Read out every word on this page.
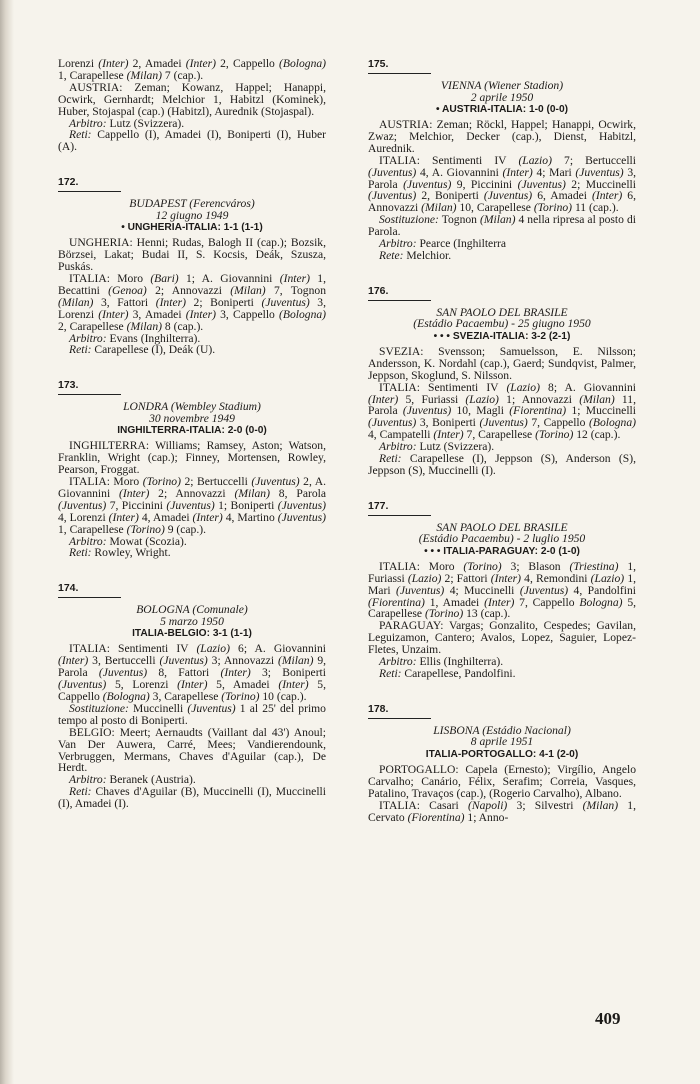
Lorenzi (Inter) 2, Amadei (Inter) 2, Cappello (Bologna) 1, Carapellese (Milan) 7 (cap.).

AUSTRIA: Zeman; Kowanz, Happel; Hanappi, Ocwirk, Gernhardt; Melchior 1, Habitzl (Kominek), Huber, Stojaspal (cap.) (Habitzl), Aurednik (Stojaspal).

Arbitro: Lutz (Svizzera).

Reti: Cappello (I), Amadei (I), Boniperti (I), Huber (A).

172.

BUDAPEST (Ferencváros)

12 giugno 1949

• UNGHERIA-ITALIA: 1-1 (1-1)

UNGHERIA: Henni; Rudas, Balogh II (cap.); Bozsik, Börzsei, Lakat; Budai II, S. Kocsis, Deák, Szusza, Puskás.

ITALIA: Moro (Bari) 1; A. Giovannini (Inter) 1, Becattini (Genoa) 2; Annovazzi (Milan) 7, Tognon (Milan) 3, Fattori (Inter) 2; Boniperti (Juventus) 3, Lorenzi (Inter) 3, Amadei (Inter) 3, Cappello (Bologna) 2, Carapellese (Milan) 8 (cap.).

Arbitro: Evans (Inghilterra).

Reti: Carapellese (I), Deák (U).

173.

LONDRA (Wembley Stadium)

30 novembre 1949

INGHILTERRA-ITALIA: 2-0 (0-0)

INGHILTERRA: Williams; Ramsey, Aston; Watson, Franklin, Wright (cap.); Finney, Mortensen, Rowley, Pearson, Froggat.

ITALIA: Moro (Torino) 2; Bertuccelli (Juventus) 2, A. Giovannini (Inter) 2; Annovazzi (Milan) 8, Parola (Juventus) 7, Piccinini (Juventus) 1; Boniperti (Juventus) 4, Lorenzi (Inter) 4, Amadei (Inter) 4, Martino (Juventus) 1, Carapellese (Torino) 9 (cap.).

Arbitro: Mowat (Scozia).

Reti: Rowley, Wright.

174.

BOLOGNA (Comunale)

5 marzo 1950

ITALIA-BELGIO: 3-1 (1-1)

ITALIA: Sentimenti IV (Lazio) 6; A. Giovannini (Inter) 3, Bertuccelli (Juventus) 3; Annovazzi (Milan) 9, Parola (Juventus) 8, Fattori (Inter) 3; Boniperti (Juventus) 5, Lorenzi (Inter) 5, Amadei (Inter) 5, Cappello (Bologna) 3, Carapellese (Torino) 10 (cap.).

Sostituzione: Muccinelli (Juventus) 1 al 25' del primo tempo al posto di Boniperti.

BELGIO: Meert; Aernaudts (Vaillant dal 43') Anoul; Van Der Auwera, Carré, Mees; Vandierendounk, Verbruggen, Mermans, Chaves d'Aguilar (cap.), De Herdt.

Arbitro: Beranek (Austria).

Reti: Chaves d'Aguilar (B), Muccinelli (I), Muccinelli (I), Amadei (I).

175.

VIENNA (Wiener Stadion)

2 aprile 1950

• AUSTRIA-ITALIA: 1-0 (0-0)

AUSTRIA: Zeman; Röckl, Happel; Hanappi, Ocwirk, Zwaz; Melchior, Decker (cap.), Dienst, Habitzl, Aurednik.

ITALIA: Sentimenti IV (Lazio) 7; Bertuccelli (Juventus) 4, A. Giovannini (Inter) 4; Mari (Juventus) 3, Parola (Juventus) 9, Piccinini (Juventus) 2; Muccinelli (Juventus) 2, Boniperti (Juventus) 6, Amadei (Inter) 6, Annovazzi (Milan) 10, Carapellese (Torino) 11 (cap.).

Sostituzione: Tognon (Milan) 4 nella ripresa al posto di Parola.

Arbitro: Pearce (Inghilterra

Rete: Melchior.

176.

SAN PAOLO DEL BRASILE

(Estádio Pacaembu) - 25 giugno 1950

• • • SVEZIA-ITALIA: 3-2 (2-1)

SVEZIA: Svensson; Samuelsson, E. Nilsson; Andersson, K. Nordahl (cap.), Gaerd; Sundqvist, Palmer, Jeppson, Skoglund, S. Nilsson.

ITALIA: Sentimenti IV (Lazio) 8; A. Giovannini (Inter) 5, Furiassi (Lazio) 1; Annovazzi (Milan) 11, Parola (Juventus) 10, Magli (Fiorentina) 1; Muccinelli (Juventus) 3, Boniperti (Juventus) 7, Cappello (Bologna) 4, Campatelli (Inter) 7, Carapellese (Torino) 12 (cap.).

Arbitro: Lutz (Svizzera).

Reti: Carapellese (I), Jeppson (S), Anderson (S), Jeppson (S), Muccinelli (I).

177.

SAN PAOLO DEL BRASILE

(Estádio Pacaembu) - 2 luglio 1950

• • • ITALIA-PARAGUAY: 2-0 (1-0)

ITALIA: Moro (Torino) 3; Blason (Triestina) 1, Furiassi (Lazio) 2; Fattori (Inter) 4, Remondini (Lazio) 1, Mari (Juventus) 4; Muccinelli (Juventus) 4, Pandolfini (Fiorentina) 1, Amadei (Inter) 7, Cappello Bologna) 5, Carapellese (Torino) 13 (cap.).

PARAGUAY: Vargas; Gonzalito, Cespedes; Gavilan, Leguizamon, Cantero; Avalos, Lopez, Saguier, Lopez-Fletes, Unzaim.

Arbitro: Ellis (Inghilterra).

Reti: Carapellese, Pandolfini.

178.

LISBONA (Estádio Nacional)

8 aprile 1951

ITALIA-PORTOGALLO: 4-1 (2-0)

PORTOGALLO: Capela (Ernesto); Virgílio, Angelo Carvalho; Canário, Félix, Serafim; Correia, Vasques, Patalino, Travaços (cap.), (Rogerio Carvalho), Albano.

ITALIA: Casari (Napoli) 3; Silvestri (Milan) 1, Cervato (Fiorentina) 1; Anno-

409
